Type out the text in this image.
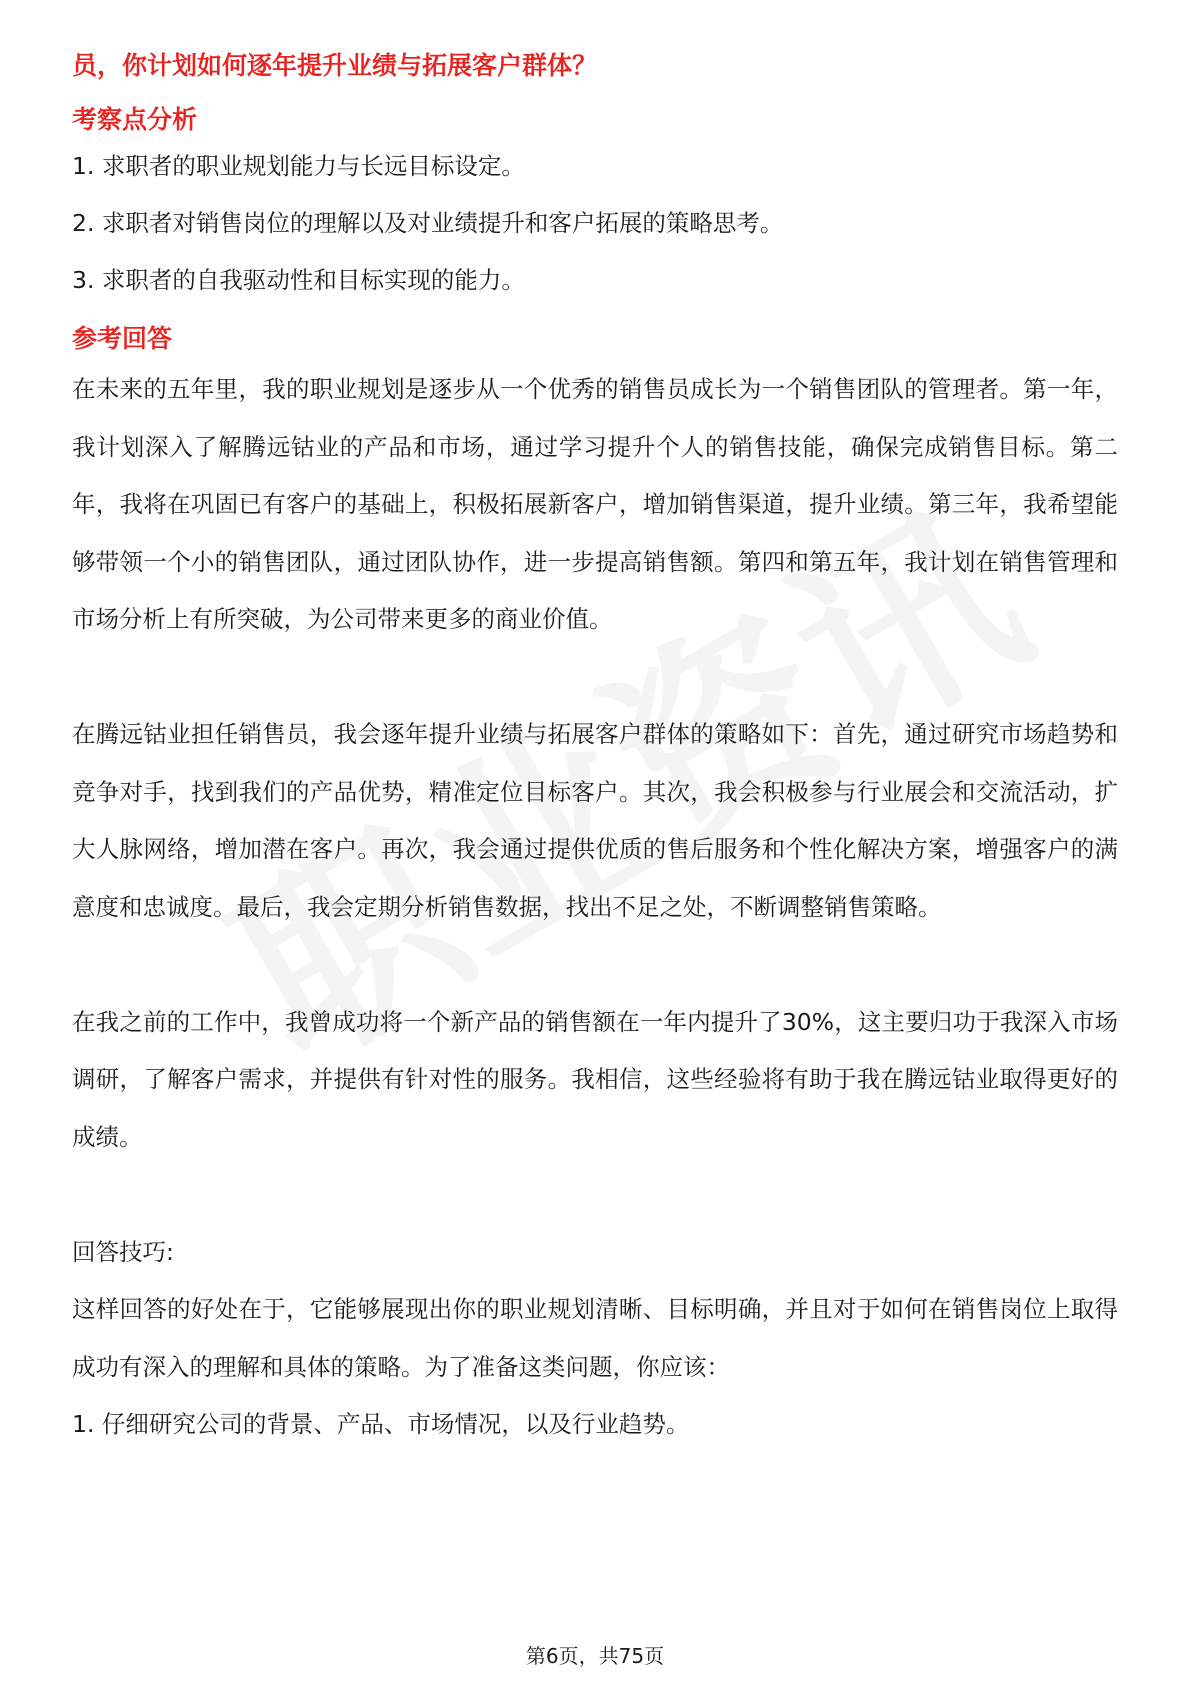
员，你计划如何逐年提升业绩与拓展客户群体？

考察点分析

1. 求职者的职业规划能力与长远目标设定。
2. 求职者对销售岗位的理解以及对业绩提升和客户拓展的策略思考。
3. 求职者的自我驱动性和目标实现的能力。

参考回答

在未来的五年里，我的职业规划是逐步从一个优秀的销售员成长为一个销售团队的管理者。第一年，我计划深入了解腾远钴业的产品和市场，通过学习提升个人的销售技能，确保完成销售目标。第二年，我将在巩固已有客户的基础上，积极拓展新客户，增加销售渠道，提升业绩。第三年，我希望能够带领一个小的销售团队，通过团队协作，进一步提高销售额。第四和第五年，我计划在销售管理和市场分析上有所突破，为公司带来更多的商业价值。

在腾远钴业担任销售员，我会逐年提升业绩与拓展客户群体的策略如下：首先，通过研究市场趋势和竞争对手，找到我们的产品优势，精准定位目标客户。其次，我会积极参与行业展会和交流活动，扩大人脉网络，增加潜在客户。再次，我会通过提供优质的售后服务和个性化解决方案，增强客户的满意度和忠诚度。最后，我会定期分析销售数据，找出不足之处，不断调整销售策略。

在我之前的工作中，我曾成功将一个新产品的销售额在一年内提升了30%，这主要归功于我深入市场调研，了解客户需求，并提供有针对性的服务。我相信，这些经验将有助于我在腾远钴业取得更好的成绩。

回答技巧:

这样回答的好处在于，它能够展现出你的职业规划清晰、目标明确，并且对于如何在销售岗位上取得成功有深入的理解和具体的策略。为了准备这类问题，你应该：

1. 仔细研究公司的背景、产品、市场情况，以及行业趋势。

第6页，共75页
